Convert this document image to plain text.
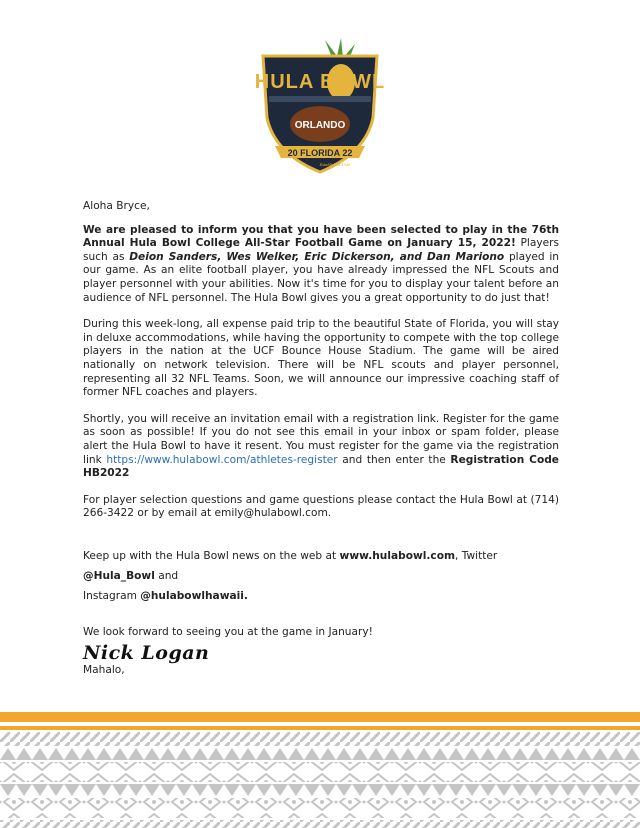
HULA BOWL
ORLANDO
20 FLORIDA 22
Established 1946

Aloha Bryce,

We are pleased to inform you that you have been selected to play in the 76th Annual Hula Bowl College All-Star Football Game on January 15, 2022! Players such as Deion Sanders, Wes Welker, Eric Dickerson, and Dan Mariono played in our game. As an elite football player, you have already impressed the NFL Scouts and player personnel with your abilities. Now it's time for you to display your talent before an audience of NFL personnel. The Hula Bowl gives you a great opportunity to do just that!

During this week-long, all expense paid trip to the beautiful State of Florida, you will stay in deluxe accommodations, while having the opportunity to compete with the top college players in the nation at the UCF Bounce House Stadium. The game will be aired nationally on network television. There will be NFL scouts and player personnel, representing all 32 NFL Teams. Soon, we will announce our impressive coaching staff of former NFL coaches and players.

Shortly, you will receive an invitation email with a registration link. Register for the game as soon as possible! If you do not see this email in your inbox or spam folder, please alert the Hula Bowl to have it resent. You must register for the game via the registration link https://www.hulabowl.com/athletes-register and then enter the Registration Code HB2022

For player selection questions and game questions please contact the Hula Bowl at (714) 266-3422 or by email at emily@hulabowl.com.

Keep up with the Hula Bowl news on the web at www.hulabowl.com, Twitter @Hula_Bowl and
Instagram @hulabowlhawaii.

We look forward to seeing you at the game in January!

Mahalo,

Nick Logan
